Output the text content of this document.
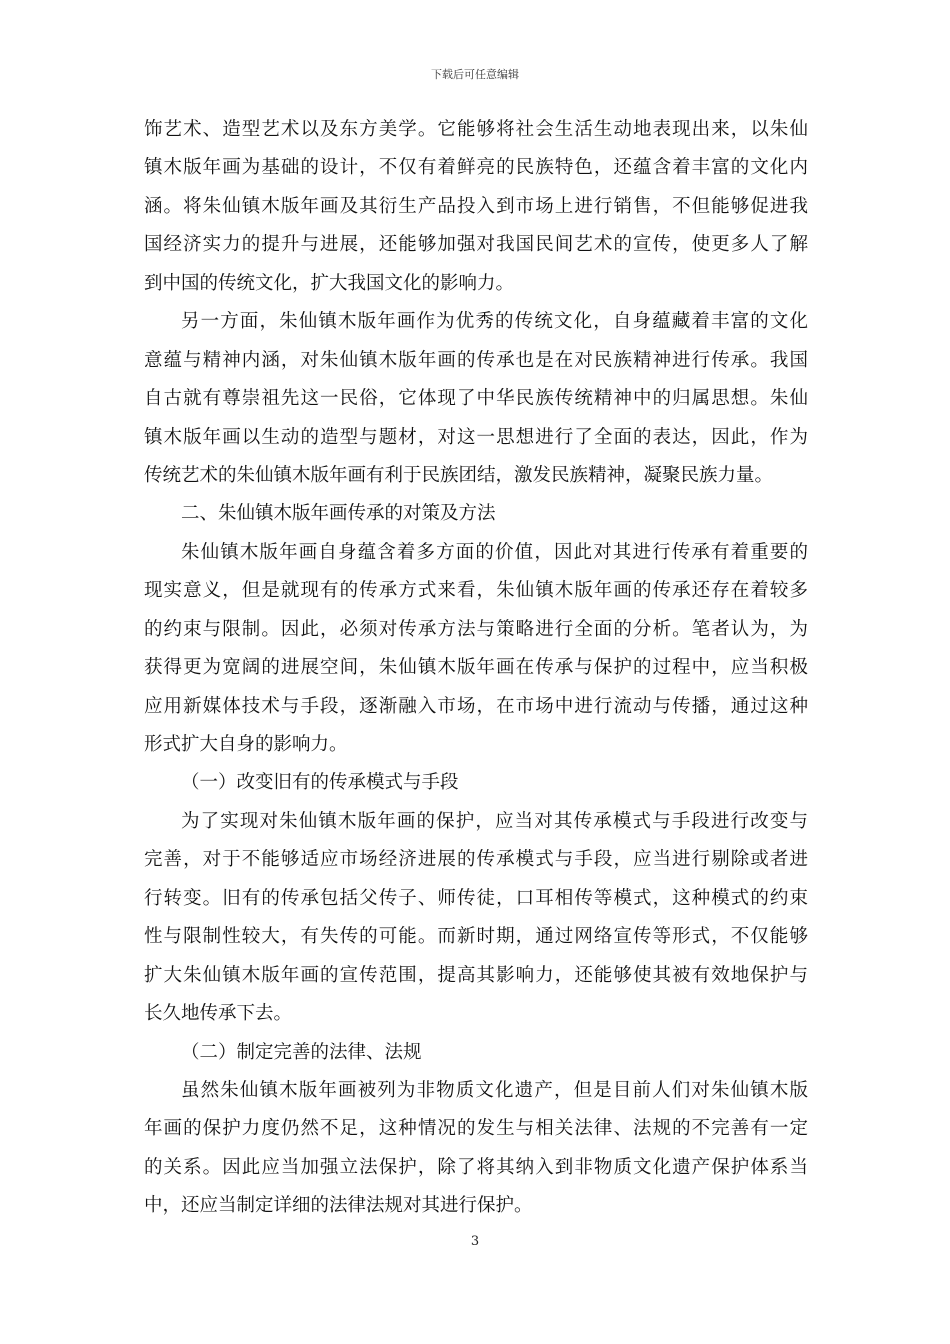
下载后可任意编辑
饰艺术、造型艺术以及东方美学。它能够将社会生活生动地表现出来，以朱仙
镇木版年画为基础的设计，不仅有着鲜亮的民族特色，还蕴含着丰富的文化内
涵。将朱仙镇木版年画及其衍生产品投入到市场上进行销售，不但能够促进我
国经济实力的提升与进展，还能够加强对我国民间艺术的宣传，使更多人了解
到中国的传统文化，扩大我国文化的影响力。
另一方面，朱仙镇木版年画作为优秀的传统文化，自身蕴藏着丰富的文化
意蕴与精神内涵，对朱仙镇木版年画的传承也是在对民族精神进行传承。我国
自古就有尊崇祖先这一民俗，它体现了中华民族传统精神中的归属思想。朱仙
镇木版年画以生动的造型与题材，对这一思想进行了全面的表达，因此，作为
传统艺术的朱仙镇木版年画有利于民族团结，激发民族精神，凝聚民族力量。
二、朱仙镇木版年画传承的对策及方法
朱仙镇木版年画自身蕴含着多方面的价值，因此对其进行传承有着重要的
现实意义，但是就现有的传承方式来看，朱仙镇木版年画的传承还存在着较多
的约束与限制。因此，必须对传承方法与策略进行全面的分析。笔者认为，为
获得更为宽阔的进展空间，朱仙镇木版年画在传承与保护的过程中，应当积极
应用新媒体技术与手段，逐渐融入市场，在市场中进行流动与传播，通过这种
形式扩大自身的影响力。
（一）改变旧有的传承模式与手段
为了实现对朱仙镇木版年画的保护，应当对其传承模式与手段进行改变与
完善，对于不能够适应市场经济进展的传承模式与手段，应当进行剔除或者进
行转变。旧有的传承包括父传子、师传徒，口耳相传等模式，这种模式的约束
性与限制性较大，有失传的可能。而新时期，通过网络宣传等形式，不仅能够
扩大朱仙镇木版年画的宣传范围，提高其影响力，还能够使其被有效地保护与
长久地传承下去。
（二）制定完善的法律、法规
虽然朱仙镇木版年画被列为非物质文化遗产，但是目前人们对朱仙镇木版
年画的保护力度仍然不足，这种情况的发生与相关法律、法规的不完善有一定
的关系。因此应当加强立法保护，除了将其纳入到非物质文化遗产保护体系当
中，还应当制定详细的法律法规对其进行保护。
3
